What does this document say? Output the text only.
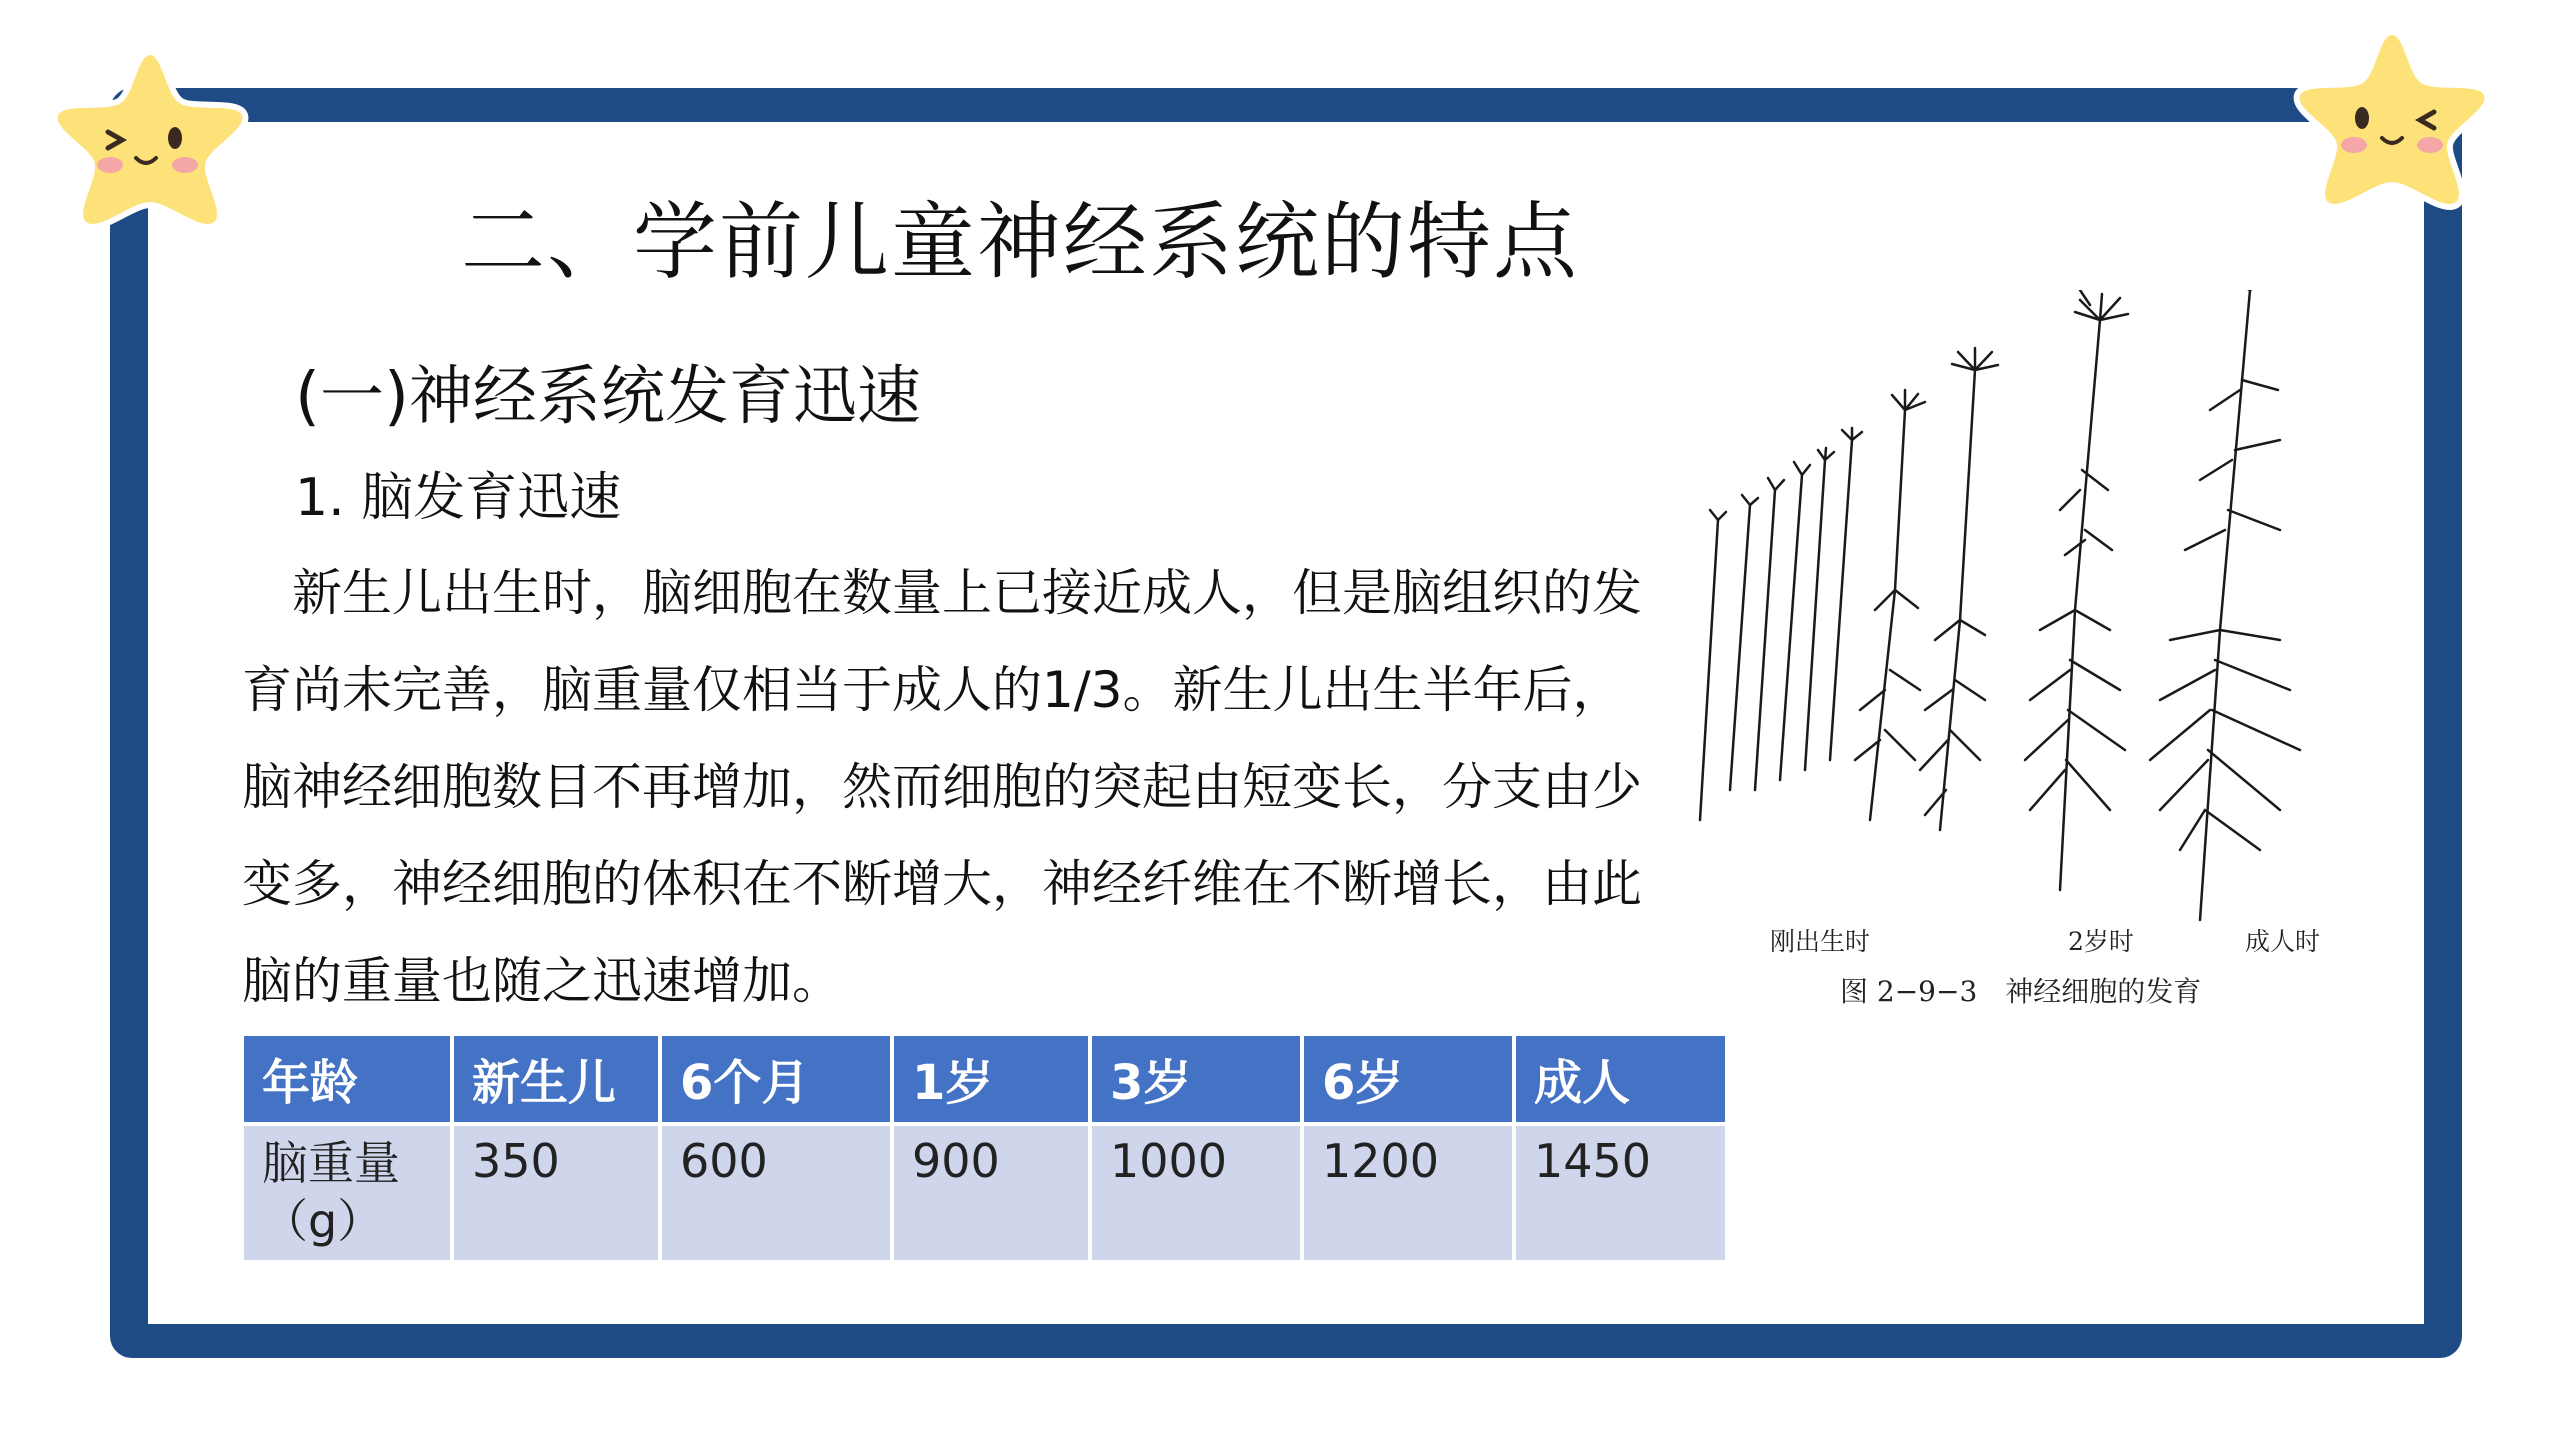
二、学前儿童神经系统的特点
(一)神经系统发育迅速
1. 脑发育迅速
新生儿出生时，脑细胞在数量上已接近成人，但是脑组织的发育尚未完善，脑重量仅相当于成人的1/3。新生儿出生半年后，脑神经细胞数目不再增加，然而细胞的突起由短变长，分支由少变多，神经细胞的体积在不断增大，神经纤维在不断增长，由此脑的重量也随之迅速增加。
年龄	新生儿	6个月	1岁	3岁	6岁	成人
脑重量（g）	350	600	900	1000	1200	1450
刚出生时	2岁时	成人时
图 2−9−3　神经细胞的发育
